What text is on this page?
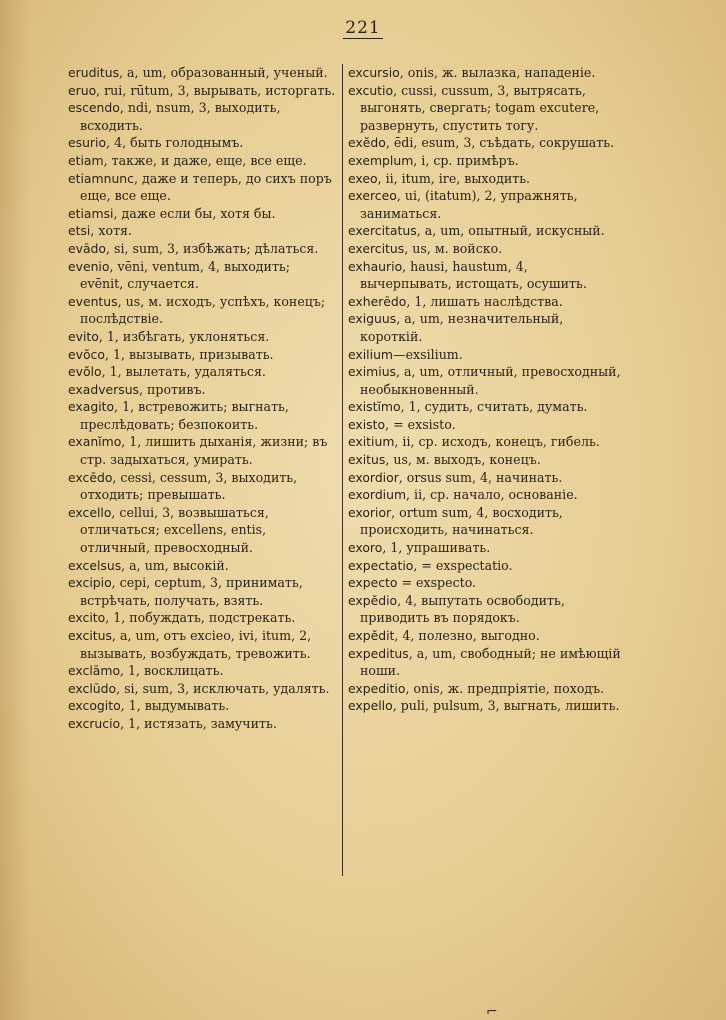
221

eruditus, a, um, образованный, ученый.

eruo, rui, rūtum, 3, вырывать, исторгать.

escendo, ndi, nsum, 3, выходить, всходить.

esurio, 4, быть голоднымъ.

etiam, также, и даже, еще, все еще.

etiamnunc, даже и теперь, до сихъ поръ еще, все еще.

etiamsi, даже если бы, хотя бы.

etsi, хотя.

evādo, si, sum, 3, избѣжать; дѣлаться.

evenio, vēni, ventum, 4, выходить; evēnit, случается.

eventus, us, м. исходъ, успѣхъ, конецъ; послѣдствіе.

evito, 1, избѣгать, уклоняться.

evŏco, 1, вызывать, призывать.

evŏlo, 1, вылетать, удаляться.

exadversus, противъ.

exagito, 1, встревожить; выгнать, преслѣдовать; безпокоить.

exanĭmo, 1, лишить дыханія, жизни; въ стр. задыхаться, умирать.

excēdo, cessi, cessum, 3, выходить, отходить; превышать.

excello, cellui, 3, возвышаться, отличаться; excellens, entis, отличный, превосходный.

excelsus, a, um, высокій.

excipio, cepi, ceptum, 3, принимать, встрѣчать, получать, взять.

excito, 1, побуждать, подстрекать.

excitus, a, um, отъ excieo, ivi, itum, 2, вызывать, возбуждать, тревожить.

exclāmo, 1, восклицать.

exclūdo, si, sum, 3, исключать, удалять.

excogito, 1, выдумывать.

excrucio, 1, истязать, замучить.

excursio, onis, ж. вылазка, нападеніе.

excutio, cussi, cussum, 3, вытрясать, выгонять, свергать; togam excutere, развернуть, спустить тогу.

exĕdo, ēdi, esum, 3, съѣдать, сокрушать.

exemplum, i, ср. примѣръ.

exeo, ii, itum, ire, выходить.

exerceo, ui, (itatum), 2, упражнять, заниматься.

exercitatus, a, um, опытный, искусный.

exercitus, us, м. войско.

exhaurio, hausi, haustum, 4, вычерпывать, истощать, осушить.

exherēdo, 1, лишать наслѣдства.

exiguus, a, um, незначительный, короткій.

exilium—exsilium.

eximius, a, um, отличный, превосходный, необыкновенный.

existĭmo, 1, судить, считать, думать.

existo, = exsisto.

exitium, ii, ср. исходъ, конецъ, гибель.

exitus, us, м. выходъ, конецъ.

exordior, orsus sum, 4, начинать.

exordium, ii, ср. начало, основаніе.

exorior, ortum sum, 4, восходить, происходить, начинаться.

exoro, 1, упрашивать.

expectatio, = exspectatio.

expecto = exspecto.

expĕdio, 4, выпутать освободить, приводить въ порядокъ.

expĕdit, 4, полезно, выгодно.

expeditus, a, um, свободный; не имѣющій ноши.

expeditio, onis, ж. предпріятіе, походъ.

expello, puli, pulsum, 3, выгнать, лишить.

⌐
